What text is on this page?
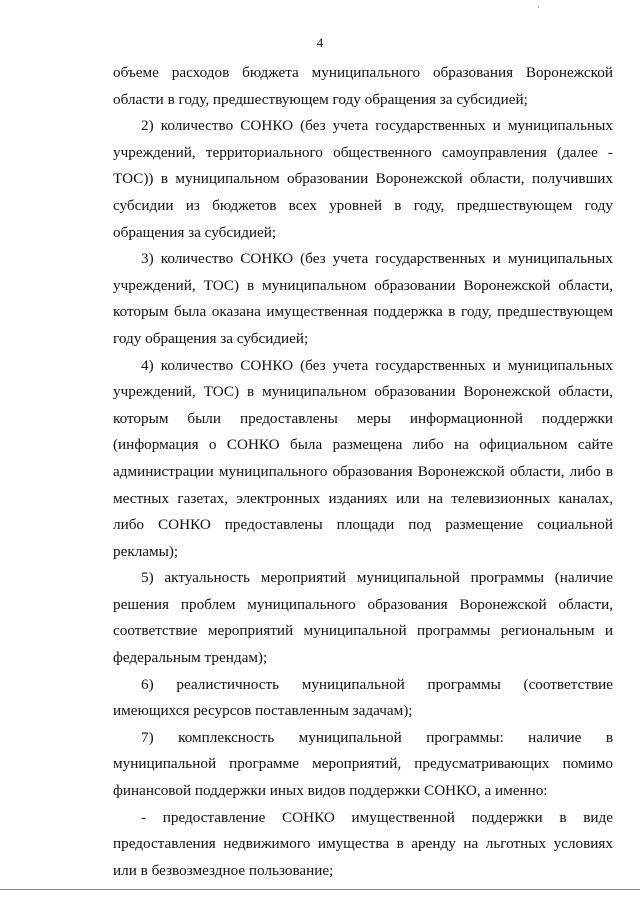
4

объеме расходов бюджета муниципального образования Воронежской области в году, предшествующем году обращения за субсидией;

2) количество СОНКО (без учета государственных и муниципальных учреждений, территориального общественного самоуправления (далее - ТОС)) в муниципальном образовании Воронежской области, получивших субсидии из бюджетов всех уровней в году, предшествующем году обращения за субсидией;

3) количество СОНКО (без учета государственных и муниципальных учреждений, ТОС) в муниципальном образовании Воронежской области, которым была оказана имущественная поддержка в году, предшествующем году обращения за субсидией;

4) количество СОНКО (без учета государственных и муниципальных учреждений, ТОС) в муниципальном образовании Воронежской области, которым были предоставлены меры информационной поддержки (информация о СОНКО была размещена либо на официальном сайте администрации муниципального образования Воронежской области, либо в местных газетах, электронных изданиях или на телевизионных каналах, либо СОНКО предоставлены площади под размещение социальной рекламы);

5) актуальность мероприятий муниципальной программы (наличие решения проблем муниципального образования Воронежской области, соответствие мероприятий муниципальной программы региональным и федеральным трендам);

6) реалистичность муниципальной программы (соответствие имеющихся ресурсов поставленным задачам);

7) комплексность муниципальной программы: наличие в муниципальной программе мероприятий, предусматривающих помимо финансовой поддержки иных видов поддержки СОНКО, а именно:

- предоставление СОНКО имущественной поддержки в виде предоставления недвижимого имущества в аренду на льготных условиях или в безвозмездное пользование;
